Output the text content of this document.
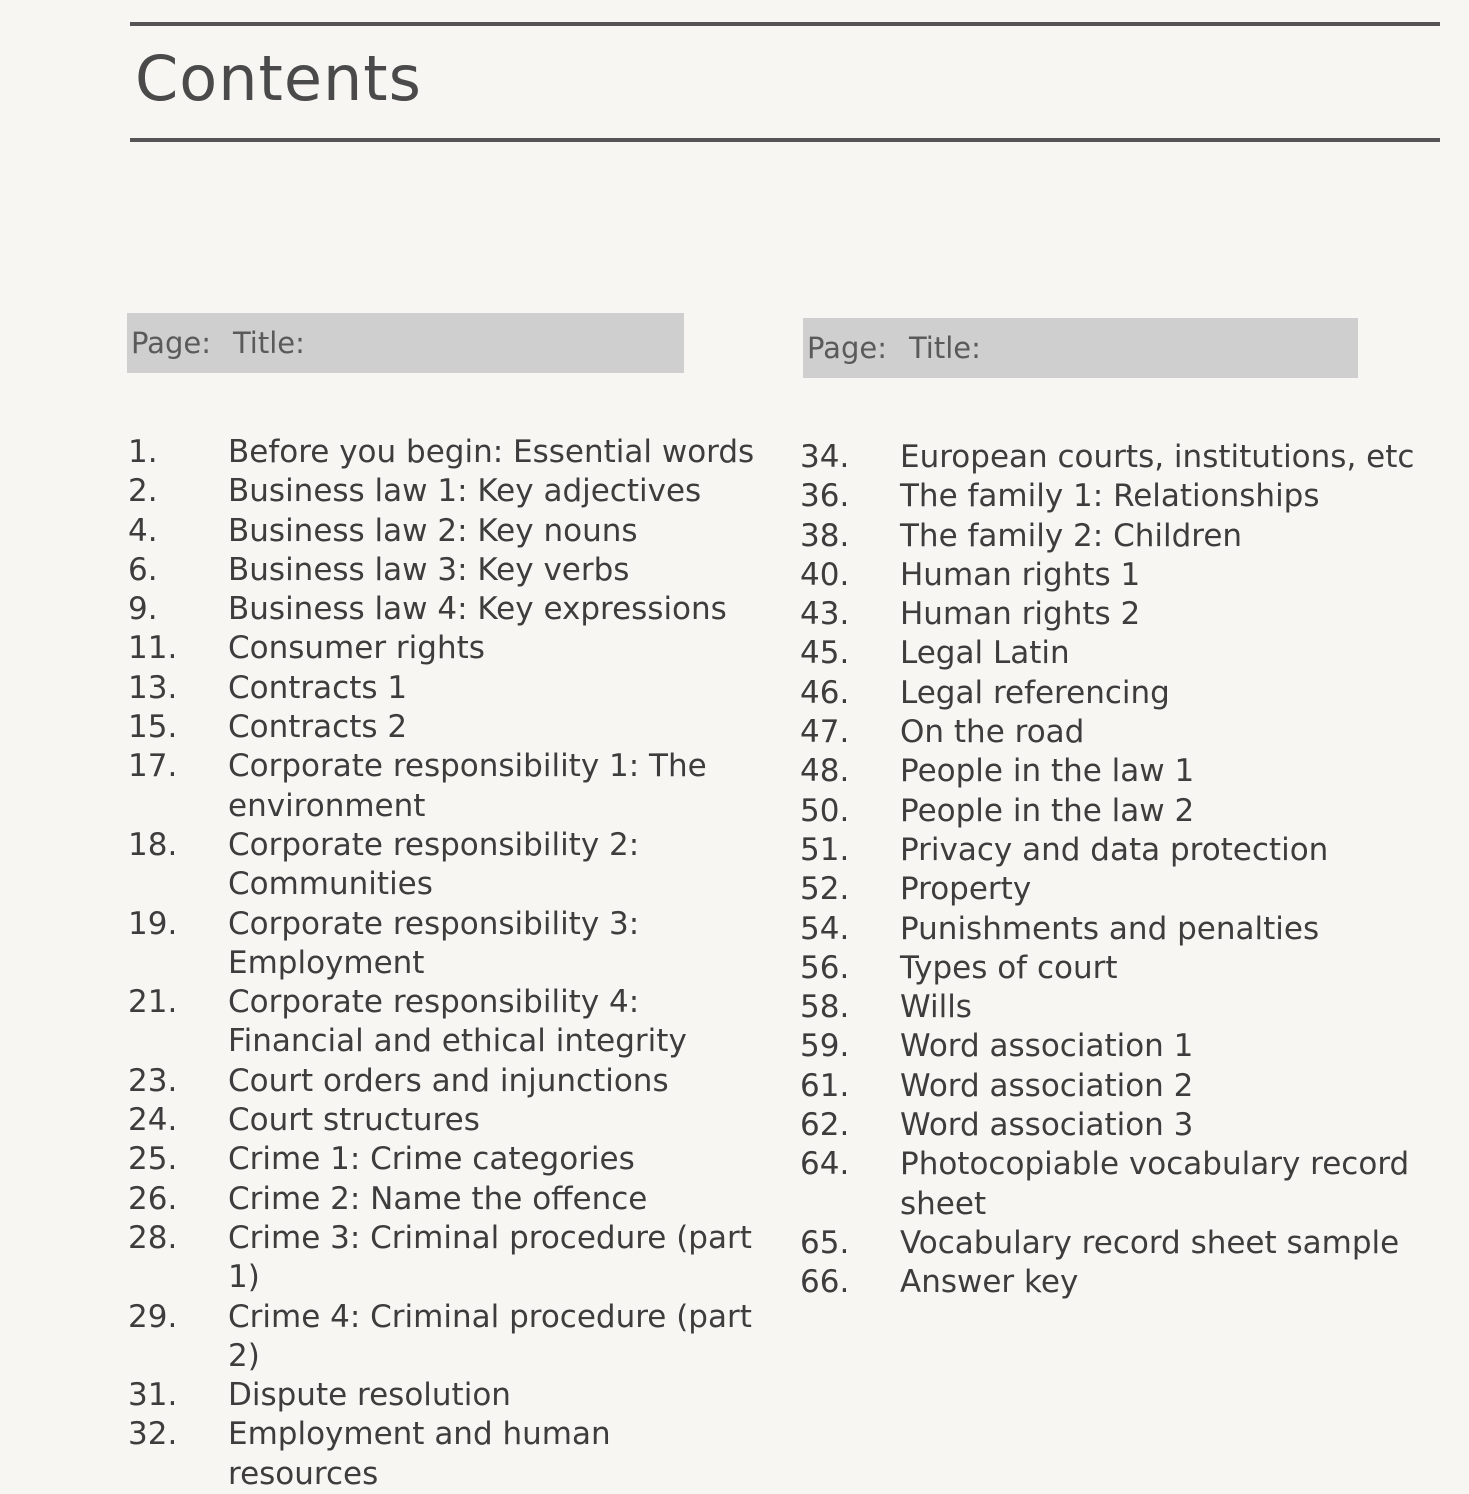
Contents
Page: Title:	Page: Title:
1.	Before you begin: Essential words
2.	Business law 1: Key adjectives
4.	Business law 2: Key nouns
6.	Business law 3: Key verbs
9.	Business law 4: Key expressions
11.	Consumer rights
13.	Contracts 1
15.	Contracts 2
17.	Corporate responsibility 1: The environment
18.	Corporate responsibility 2: Communities
19.	Corporate responsibility 3: Employment
21.	Corporate responsibility 4: Financial and ethical integrity
23.	Court orders and injunctions
24.	Court structures
25.	Crime 1: Crime categories
26.	Crime 2: Name the offence
28.	Crime 3: Criminal procedure (part 1)
29.	Crime 4: Criminal procedure (part 2)
31.	Dispute resolution
32.	Employment and human resources
34.	European courts, institutions, etc
36.	The family 1: Relationships
38.	The family 2: Children
40.	Human rights 1
43.	Human rights 2
45.	Legal Latin
46.	Legal referencing
47.	On the road
48.	People in the law 1
50.	People in the law 2
51.	Privacy and data protection
52.	Property
54.	Punishments and penalties
56.	Types of court
58.	Wills
59.	Word association 1
61.	Word association 2
62.	Word association 3
64.	Photocopiable vocabulary record sheet
65.	Vocabulary record sheet sample
66.	Answer key
